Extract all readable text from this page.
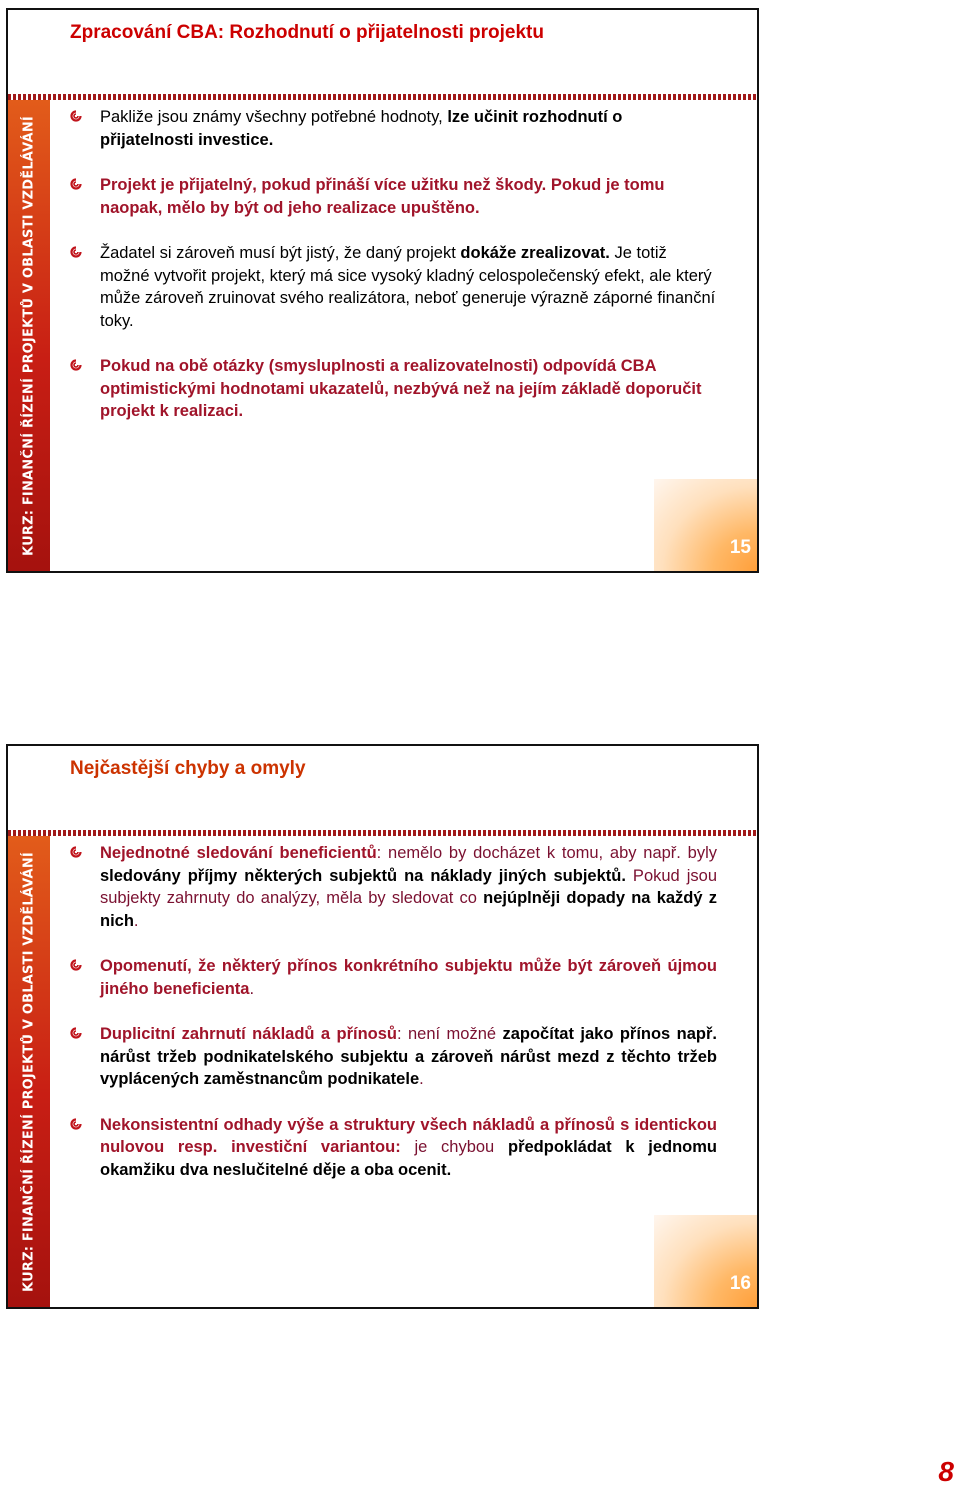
Zpracování CBA: Rozhodnutí o přijatelnosti projektu
KURZ: FINANČNÍ ŘÍZENÍ PROJEKTŮ V OBLASTI VZDĚLÁVÁNÍ	Pakliže jsou známy všechny potřebné hodnoty, lze učinit rozhodnutí o přijatelnosti investice.
Projekt je přijatelný, pokud přináší více užitku než škody. Pokud je tomu naopak, mělo by být od jeho realizace upuštěno.
Žadatel si zároveň musí být jistý, že daný projekt dokáže zrealizovat. Je totiž možné vytvořit projekt, který má sice vysoký kladný celospolečenský efekt, ale který může zároveň zruinovat svého realizátora, neboť generuje výrazně záporné finanční toky.
Pokud na obě otázky (smysluplnosti a realizovatelnosti) odpovídá CBA optimistickými hodnotami ukazatelů, nezbývá než na jejím základě doporučit projekt k realizaci.
15
Nejčastější chyby a omyly
KURZ: FINANČNÍ ŘÍZENÍ PROJEKTŮ V OBLASTI VZDĚLÁVÁNÍ	Nejednotné sledování beneficientů: nemělo by docházet k tomu, aby např. byly sledovány příjmy některých subjektů na náklady jiných subjektů. Pokud jsou subjekty zahrnuty do analýzy, měla by sledovat co nejúplněji dopady na každý z nich.
Opomenutí, že některý přínos konkrétního subjektu může být zároveň újmou jiného beneficienta.
Duplicitní zahrnutí nákladů a přínosů: není možné započítat jako přínos např. nárůst tržeb podnikatelského subjektu a zároveň nárůst mezd z těchto tržeb vyplácených zaměstnancům podnikatele.
Nekonsistentní odhady výše a struktury všech nákladů a přínosů s identickou nulovou resp. investiční variantou: je chybou předpokládat k jednomu okamžiku dva neslučitelné děje a oba ocenit.
16
8
